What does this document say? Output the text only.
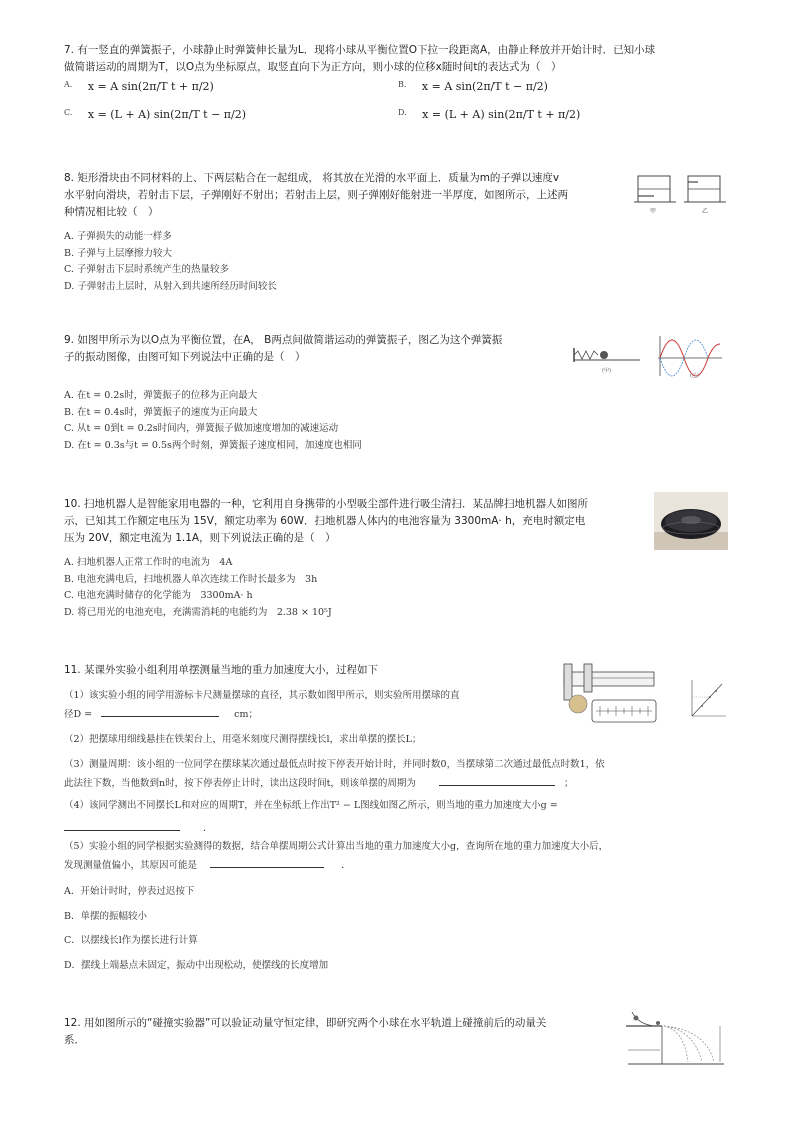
7. 有一竖直的弹簧振子，小球静止时弹簧伸长量为L．现将小球从平衡位置O下拉一段距离A，由静止释放并开始计时．已知小球
做简谐运动的周期为T，以O点为坐标原点，取竖直向下为正方向，则小球的位移x随时间t的表达式为（　）
$^{A.}$ x = A sin(2π/T t + π/2)	$^{B.}$ x = A sin(2π/T t − π/2)
$^{C.}$ x = (L + A) sin(2π/T t − π/2)	$^{D.}$ x = (L + A) sin(2π/T t + π/2)
8. 矩形滑块由不同材料的上、下两层粘合在一起组成， 将其放在光滑的水平面上．质量为m的子弹以速度v
水平射向滑块，若射击下层，子弹刚好不射出；若射击上层，则子弹刚好能射进一半厚度，如图所示，上述两
种情况相比较（　）
A. 子弹损失的动能一样多
B. 子弹与上层摩擦力较大
C. 子弹射击下层时系统产生的热量较多
D. 子弹射击上层时，从射入到共速所经历时间较长
甲	乙
9. 如图甲所示为以O点为平衡位置，在A， B两点间做简谐运动的弹簧振子，图乙为这个弹簧振
子的振动图像，由图可知下列说法中正确的是（　）
A. 在t = 0.2s时，弹簧振子的位移为正向最大
B. 在t = 0.4s时，弹簧振子的速度为正向最大
C. 从t = 0到t = 0.2s时间内，弹簧振子做加速度增加的减速运动
D. 在t = 0.3s与t = 0.5s两个时刻，弹簧振子速度相同，加速度也相同
(甲)
(乙)
10. 扫地机器人是智能家用电器的一种，它利用自身携带的小型吸尘部件进行吸尘清扫．某品牌扫地机器人如图所
示，已知其工作额定电压为 15V，额定功率为 60W．扫地机器人体内的电池容量为 3300mA· h，充电时额定电
压为 20V，额定电流为 1.1A，则下列说法正确的是（　）
A. 扫地机器人正常工作时的电流为　4A
B. 电池充满电后，扫地机器人单次连续工作时长最多为　3h
C. 电池充满时储存的化学能为　3300mA· h
D. 将已用光的电池充电，充满需消耗的电能约为　2.38 × 10⁵J
11. 某课外实验小组利用单摆测量当地的重力加速度大小，过程如下
（1）该实验小组的同学用游标卡尺测量摆球的直径，其示数如图甲所示，则实验所用摆球的直
径D =	cm；
（2）把摆球用细线悬挂在铁架台上，用毫米刻度尺测得摆线长l，求出单摆的摆长L；
（3）测量周期：该小组的一位同学在摆球某次通过最低点时按下停表开始计时，并同时数0，当摆球第二次通过最低点时数1，依
此法往下数，当他数到n时，按下停表停止计时，读出这段时间t，则该单摆的周期为	；
（4）该同学测出不同摆长L和对应的周期T，并在坐标纸上作出T² − L图线如图乙所示，则当地的重力加速度大小g =
．
（5）实验小组的同学根据实验测得的数据，结合单摆周期公式计算出当地的重力加速度大小g，查询所在地的重力加速度大小后，
发现测量值偏小，其原因可能是	．
A．开始计时时，停表过迟按下
B．单摆的振幅较小
C．以摆线长l作为摆长进行计算
D．摆线上端悬点未固定，振动中出现松动，使摆线的长度增加
12. 用如图所示的“碰撞实验器”可以验证动量守恒定律，即研究两个小球在水平轨道上碰撞前后的动量关
系．
